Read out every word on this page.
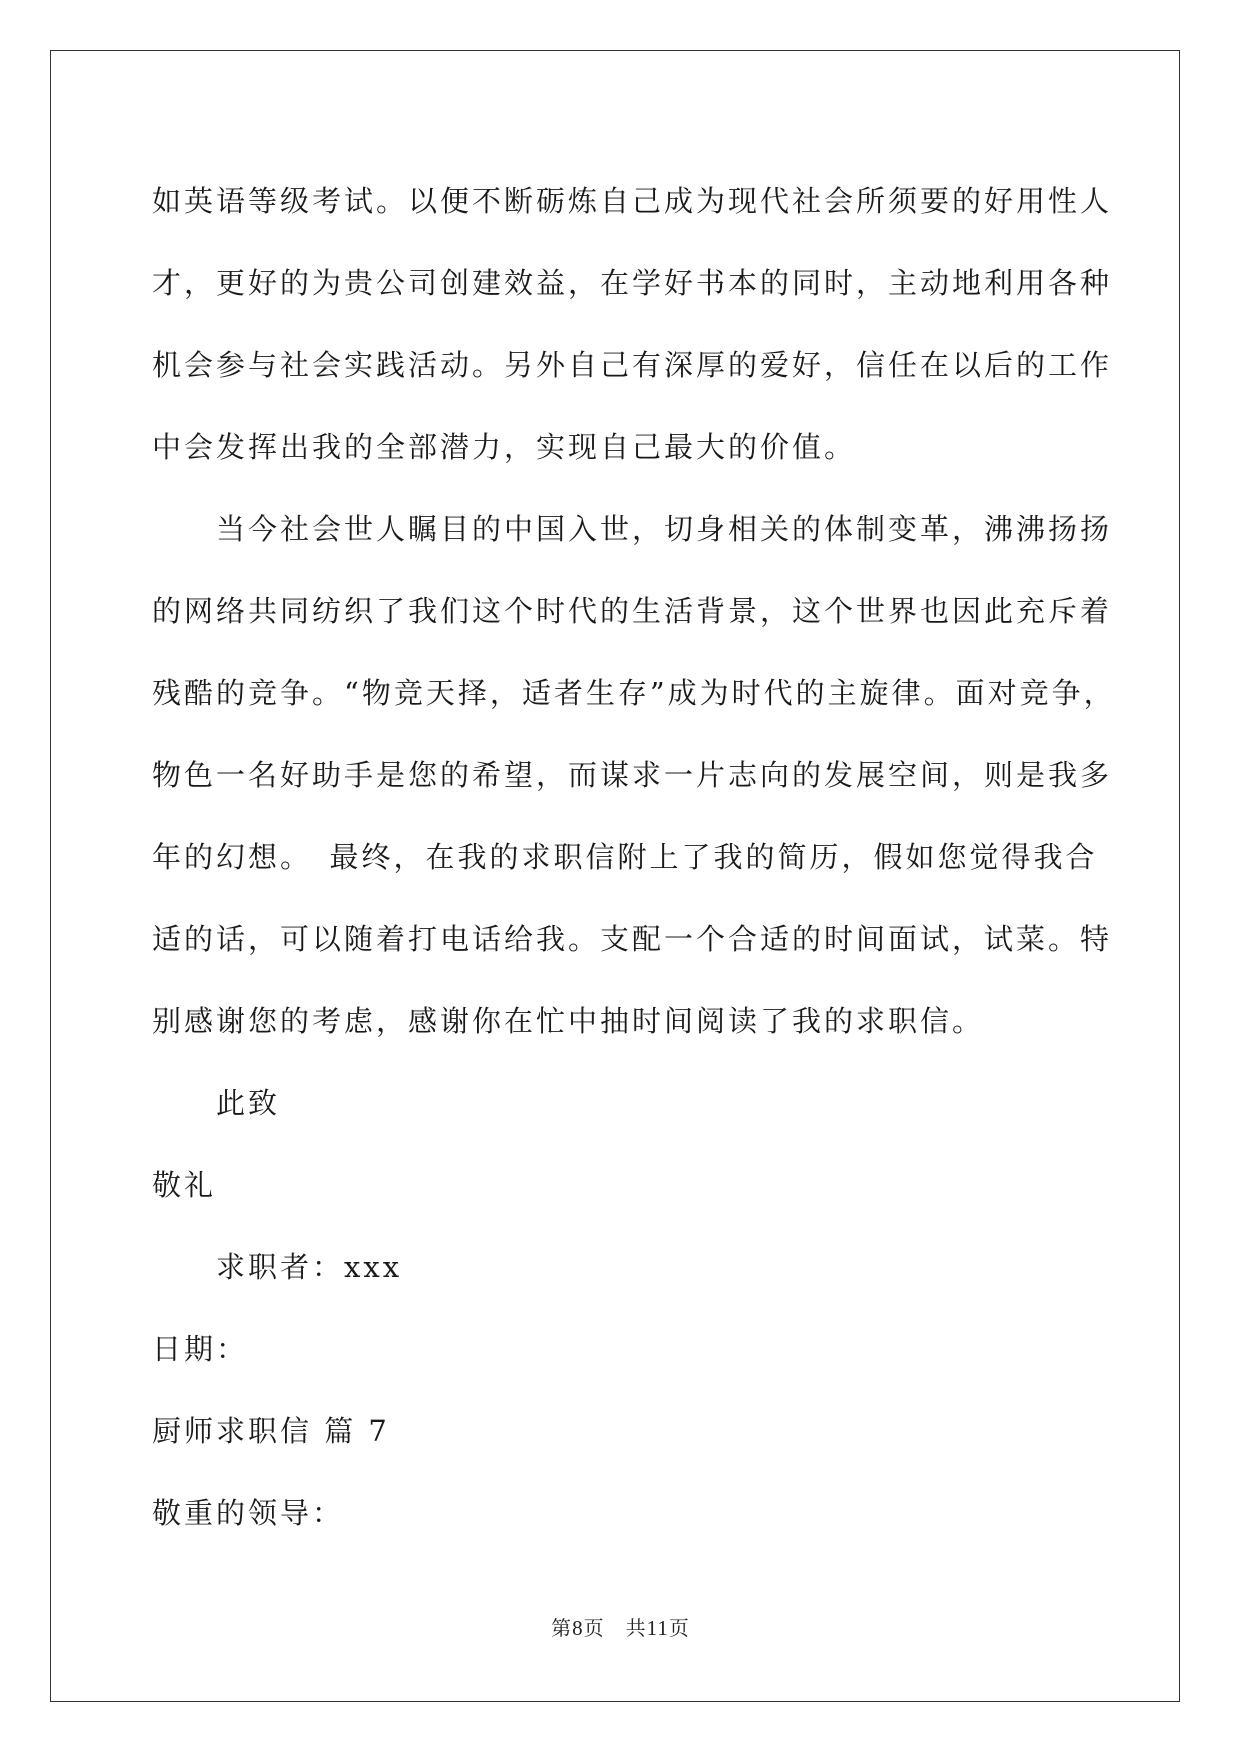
如英语等级考试。以便不断砺炼自己成为现代社会所须要的好用性人
才，更好的为贵公司创建效益，在学好书本的同时，主动地利用各种
机会参与社会实践活动。另外自己有深厚的爱好，信任在以后的工作
中会发挥出我的全部潜力，实现自己最大的价值。
当今社会世人瞩目的中国入世，切身相关的体制变革，沸沸扬扬
的网络共同纺织了我们这个时代的生活背景，这个世界也因此充斥着
残酷的竞争。“物竞天择，适者生存”成为时代的主旋律。面对竞争，
物色一名好助手是您的希望，而谋求一片志向的发展空间，则是我多
年的幻想。　最终，在我的求职信附上了我的简历，假如您觉得我合
适的话，可以随着打电话给我。支配一个合适的时间面试，试菜。特
别感谢您的考虑，感谢你在忙中抽时间阅读了我的求职信。
此致
敬礼
求职者：xxx
日期：
厨师求职信 篇 7
敬重的领导：
第8页　共11页
